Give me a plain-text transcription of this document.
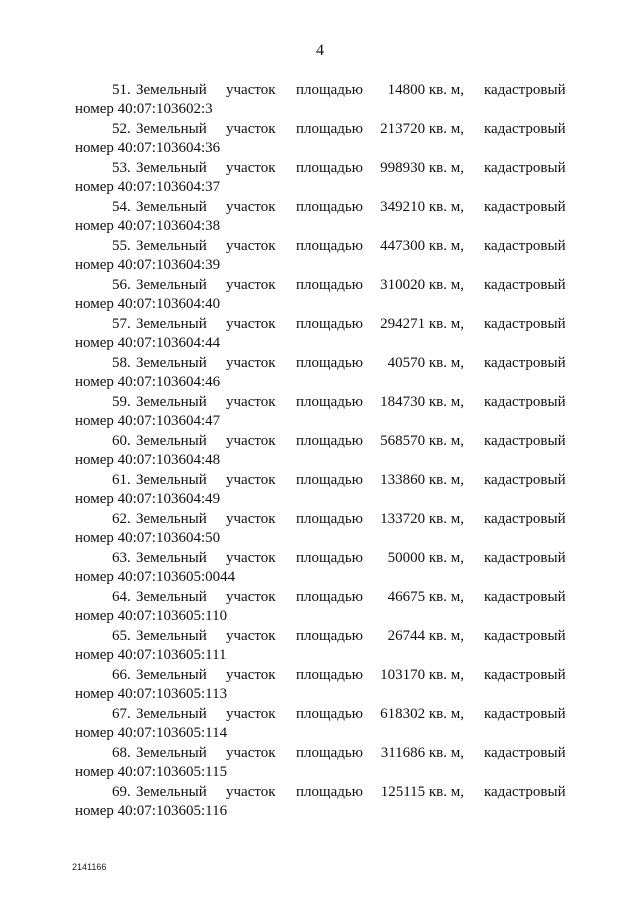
4
51. Земельный участок площадью	14800 кв. м, кадастровый
номер 40:07:103602:3
52. Земельный участок площадью	213720 кв. м, кадастровый
номер 40:07:103604:36
53. Земельный участок площадью	998930 кв. м, кадастровый
номер 40:07:103604:37
54. Земельный участок площадью	349210 кв. м, кадастровый
номер 40:07:103604:38
55. Земельный участок площадью	447300 кв. м, кадастровый
номер 40:07:103604:39
56. Земельный участок площадью	310020 кв. м, кадастровый
номер 40:07:103604:40
57. Земельный участок площадью	294271 кв. м, кадастровый
номер 40:07:103604:44
58. Земельный участок площадью	40570 кв. м, кадастровый
номер 40:07:103604:46
59. Земельный участок площадью	184730 кв. м, кадастровый
номер 40:07:103604:47
60. Земельный участок площадью	568570 кв. м, кадастровый
номер 40:07:103604:48
61. Земельный участок площадью	133860 кв. м, кадастровый
номер 40:07:103604:49
62. Земельный участок площадью	133720 кв. м, кадастровый
номер 40:07:103604:50
63. Земельный участок площадью	50000 кв. м, кадастровый
номер 40:07:103605:0044
64. Земельный участок площадью	46675 кв. м, кадастровый
номер 40:07:103605:110
65. Земельный участок площадью	26744 кв. м, кадастровый
номер 40:07:103605:111
66. Земельный участок площадью	103170 кв. м, кадастровый
номер 40:07:103605:113
67. Земельный участок площадью	618302 кв. м, кадастровый
номер 40:07:103605:114
68. Земельный участок площадью	311686 кв. м, кадастровый
номер 40:07:103605:115
69. Земельный участок площадью	125115 кв. м, кадастровый
номер 40:07:103605:116
2141166
